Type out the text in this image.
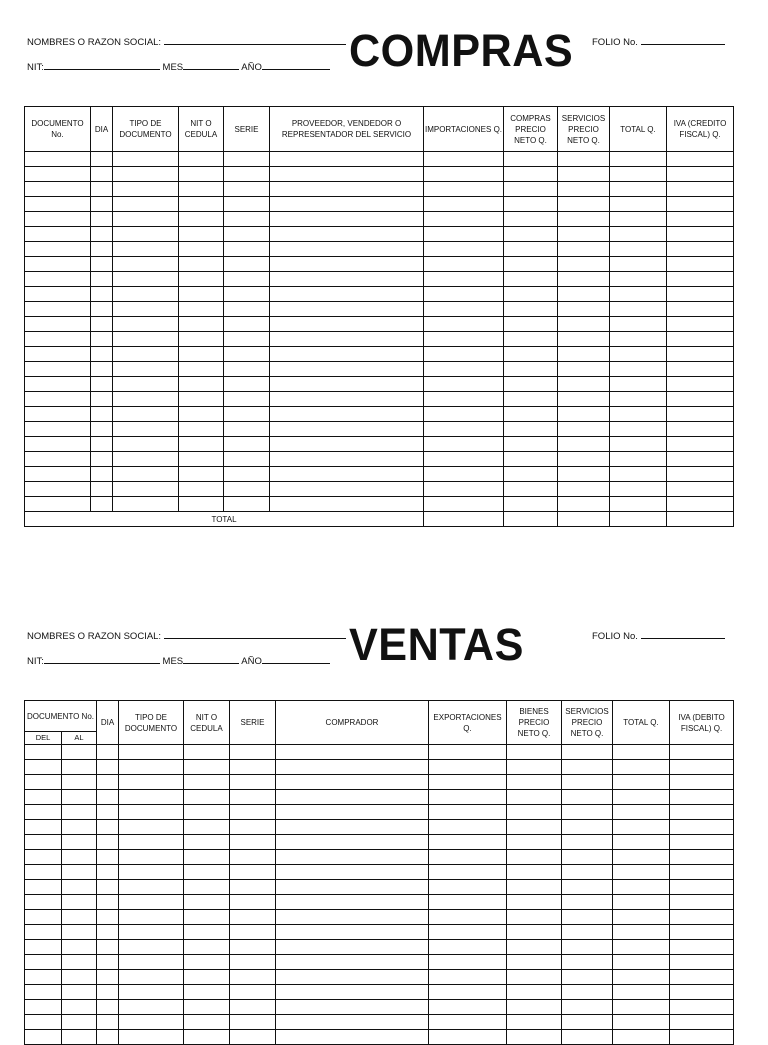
NOMBRES O RAZON SOCIAL:
NIT:	MES	AÑO	COMPRAS FOLIO No.
DOCUMENTO No.	DIA	TIPO DE DOCUMENTO	NIT O CEDULA	SERIE	PROVEEDOR, VENDEDOR O REPRESENTADOR DEL SERVICIO	IMPORTACIONES Q.	COMPRAS PRECIO NETO Q.	SERVICIOS PRECIO NETO Q.	TOTAL Q.	IVA (CREDITO FISCAL) Q.

TOTAL										
NOMBRES O RAZON SOCIAL:
NIT:	MES	AÑO	VENTAS	FOLIO No.
DOCUMENTO No.		DIA	TIPO DE DOCUMENTO	NIT O CEDULA	SERIE	COMPRADOR	EXPORTACIONES Q.	BIENES PRECIO NETO Q.	SERVICIOS PRECIO NETO Q.	TOTAL Q.	IVA (DEBITO FISCAL) Q.
DEL	AL										
